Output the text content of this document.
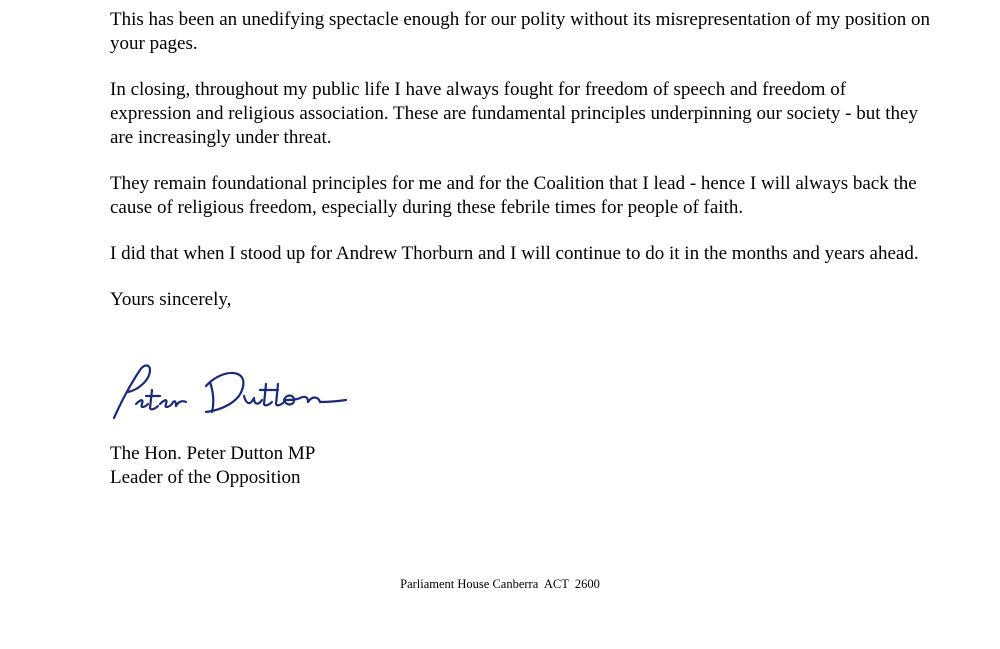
This has been an unedifying spectacle enough for our polity without its misrepresentation of my position on your pages.

In closing, throughout my public life I have always fought for freedom of speech and freedom of expression and religious association. These are fundamental principles underpinning our society - but they are increasingly under threat.

They remain foundational principles for me and for the Coalition that I lead - hence I will always back the cause of religious freedom, especially during these febrile times for people of faith.

I did that when I stood up for Andrew Thorburn and I will continue to do it in the months and years ahead.

Yours sincerely,

The Hon. Peter Dutton MP
Leader of the Opposition
Parliament House Canberra  ACT  2600
